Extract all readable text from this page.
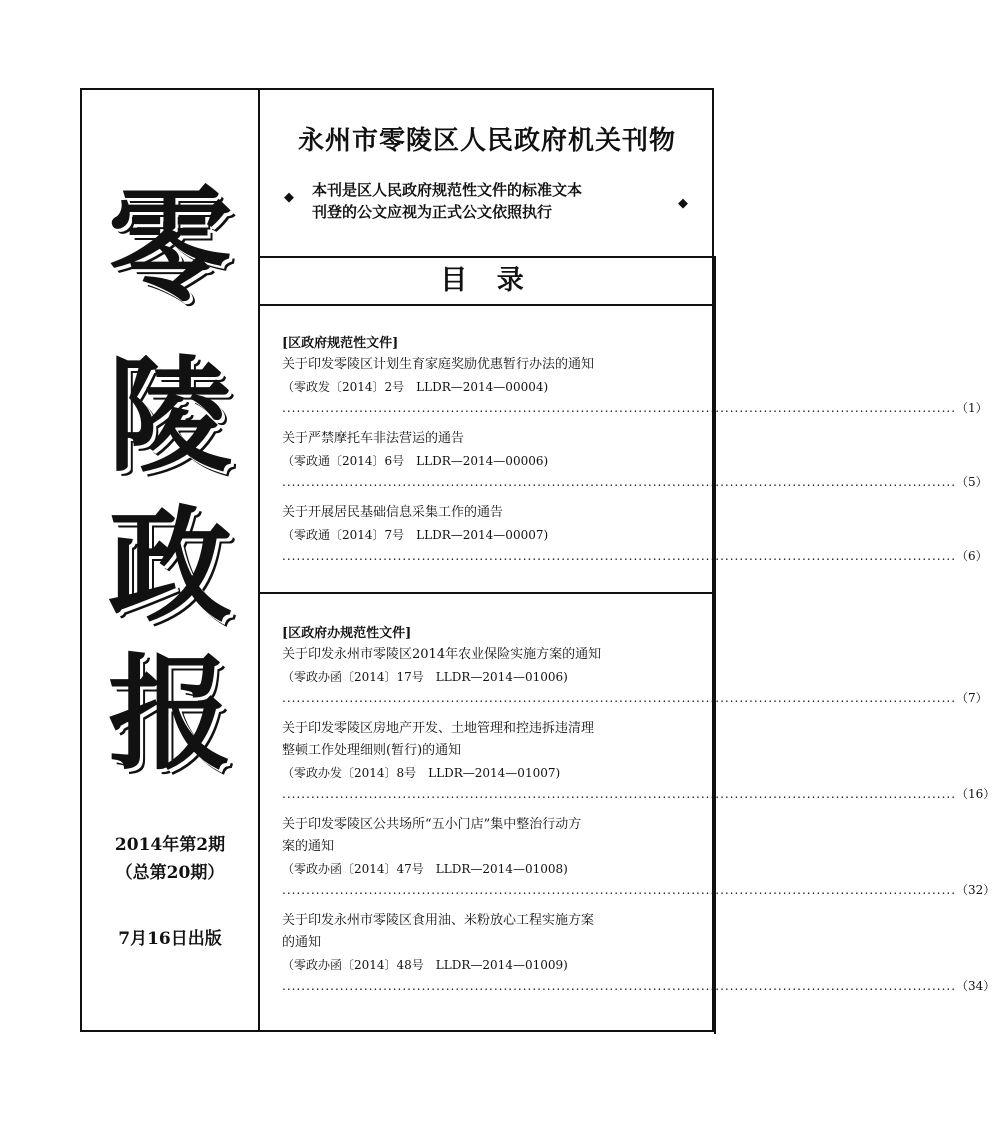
零
陵
政
报
2014年第2期
（总第20期）
7月16日出版
永州市零陵区人民政府机关刊物
◆ 本刊是区人民政府规范性文件的标准文本
刊登的公文应视为正式公文依照执行	◆
目 录
[区政府规范性文件]
关于印发零陵区计划生育家庭奖励优惠暂行办法的通知
（零政发〔2014〕2号　LLDR—2014—00004)
............................................................................................................................................ （1）
关于严禁摩托车非法营运的通告
（零政通〔2014〕6号　LLDR—2014—00006)
............................................................................................................................................ （5）
关于开展居民基础信息采集工作的通告
（零政通〔2014〕7号　LLDR—2014—00007)
............................................................................................................................................ （6）
[区政府办规范性文件]
关于印发永州市零陵区2014年农业保险实施方案的通知
（零政办函〔2014〕17号　LLDR—2014—01006)
............................................................................................................................................ （7）
关于印发零陵区房地产开发、土地管理和控违拆违清理
整顿工作处理细则(暂行)的通知
（零政办发〔2014〕8号　LLDR—2014—01007)
............................................................................................................................................ （16）
关于印发零陵区公共场所“五小门店”集中整治行动方
案的通知
（零政办函〔2014〕47号　LLDR—2014—01008)
............................................................................................................................................ （32）
关于印发永州市零陵区食用油、米粉放心工程实施方案
的通知
（零政办函〔2014〕48号　LLDR—2014—01009)
............................................................................................................................................ （34）
